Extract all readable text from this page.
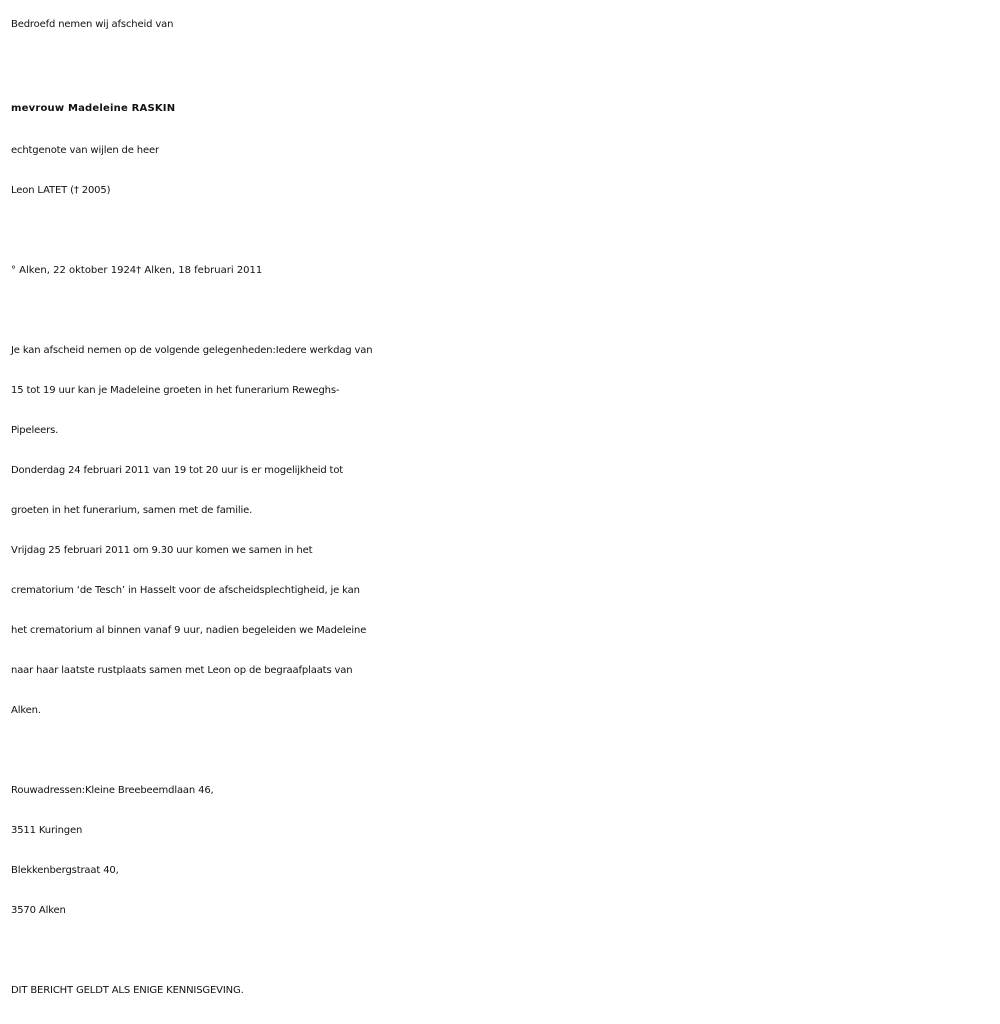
Bedroefd nemen wij afscheid van
mevrouw Madeleine RASKIN
echtgenote van wijlen de heer
Leon LATET († 2005)
° Alken, 22 oktober 1924† Alken, 18 februari 2011
Je kan afscheid nemen op de volgende gelegenheden:Iedere werkdag van
15 tot 19 uur kan je Madeleine groeten in het funerarium Reweghs-
Pipeleers.
Donderdag 24 februari 2011 van 19 tot 20 uur is er mogelijkheid tot
groeten in het funerarium, samen met de familie.
Vrijdag 25 februari 2011 om 9.30 uur komen we samen in het
crematorium ‘de Tesch’ in Hasselt voor de afscheidsplechtigheid, je kan
het crematorium al binnen vanaf 9 uur, nadien begeleiden we Madeleine
naar haar laatste rustplaats samen met Leon op de begraafplaats van
Alken.
Rouwadressen:Kleine Breebeemdlaan 46,
3511 Kuringen
Blekkenbergstraat 40,
3570 Alken
DIT BERICHT GELDT ALS ENIGE KENNISGEVING.
